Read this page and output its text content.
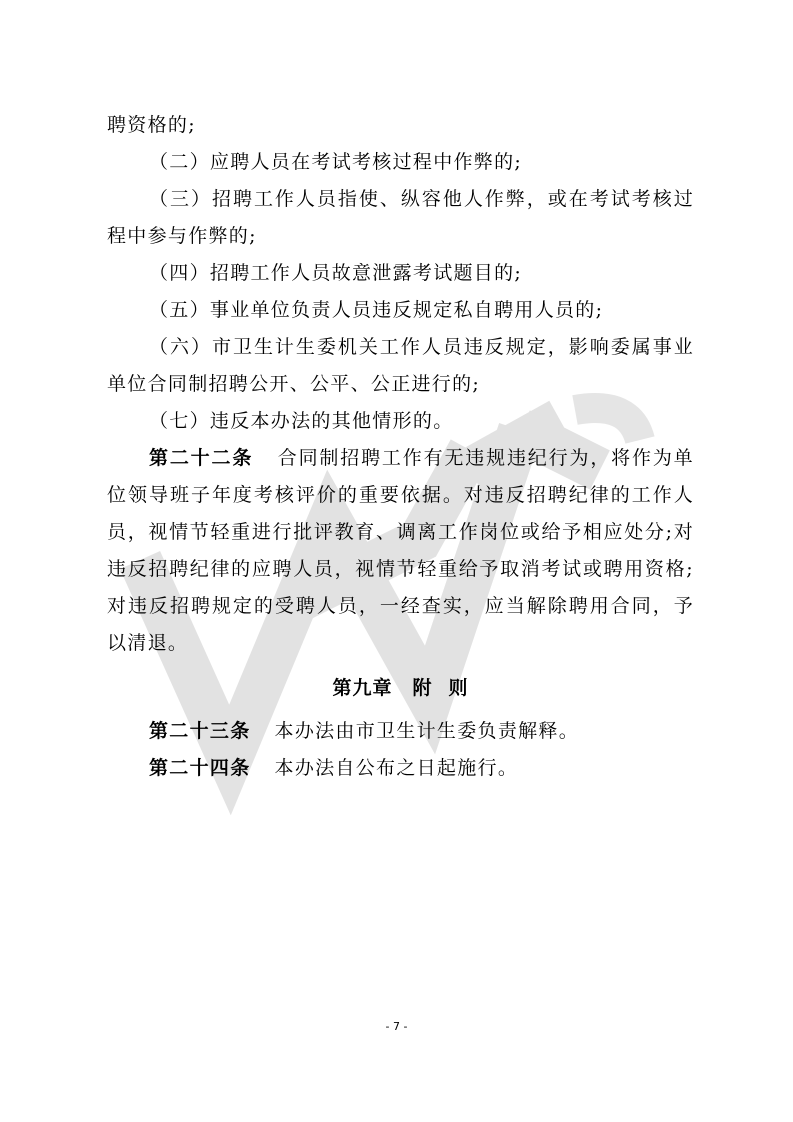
聘资格的;

（二）应聘人员在考试考核过程中作弊的;

（三）招聘工作人员指使、纵容他人作弊，或在考试考核过程中参与作弊的;

（四）招聘工作人员故意泄露考试题目的;

（五）事业单位负责人员违反规定私自聘用人员的;

（六）市卫生计生委机关工作人员违反规定，影响委属事业单位合同制招聘公开、公平、公正进行的;

（七）违反本办法的其他情形的。

第二十二条 合同制招聘工作有无违规违纪行为，将作为单位领导班子年度考核评价的重要依据。对违反招聘纪律的工作人员，视情节轻重进行批评教育、调离工作岗位或给予相应处分;对违反招聘纪律的应聘人员，视情节轻重给予取消考试或聘用资格;对违反招聘规定的受聘人员，一经查实，应当解除聘用合同，予以清退。

第九章 附 则

第二十三条 本办法由市卫生计生委负责解释。

第二十四条 本办法自公布之日起施行。

- 7 -
